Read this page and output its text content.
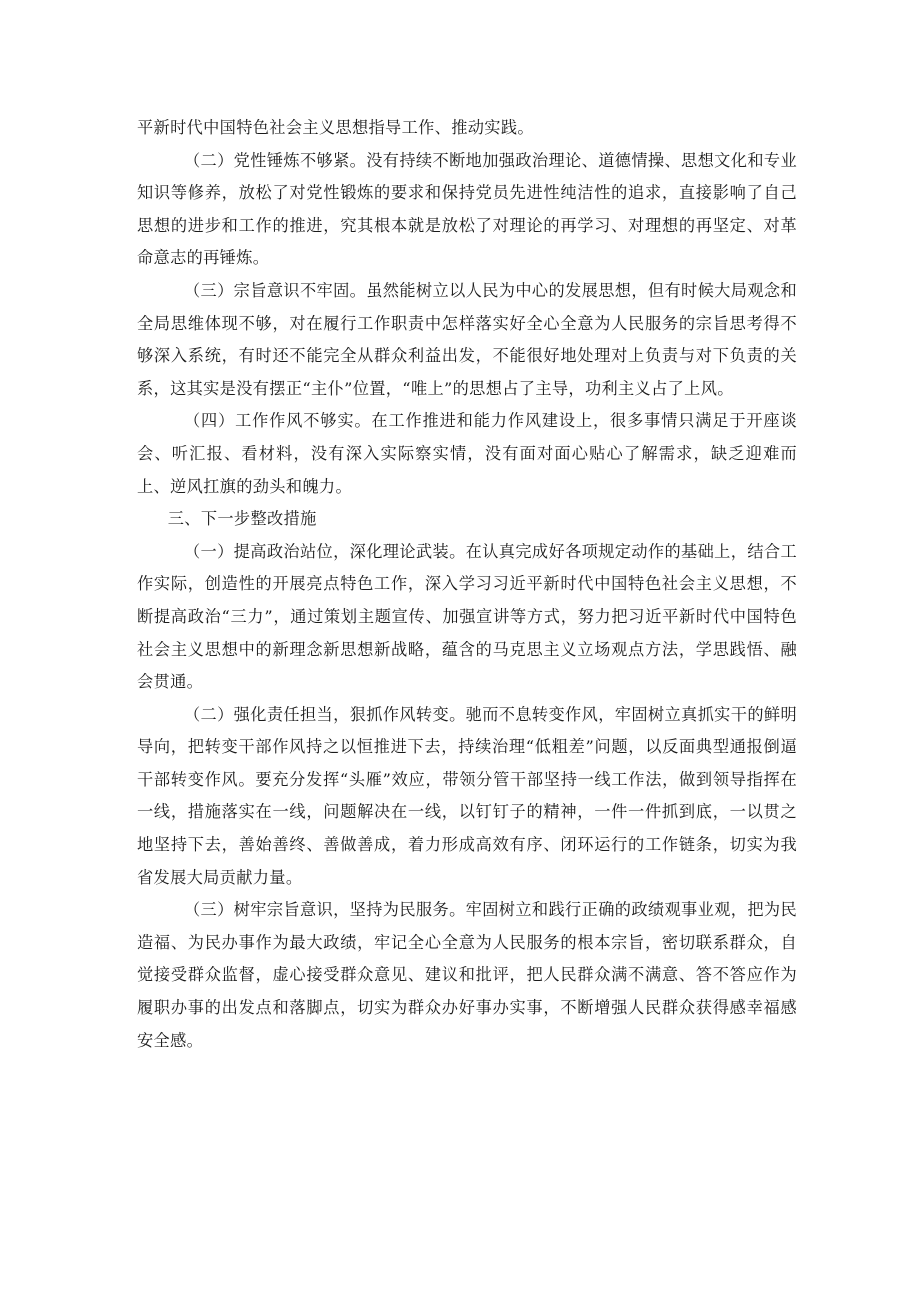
平新时代中国特色社会主义思想指导工作、推动实践。

（二）党性锤炼不够紧。没有持续不断地加强政治理论、道德情操、思想文化和专业知识等修养，放松了对党性锻炼的要求和保持党员先进性纯洁性的追求，直接影响了自己思想的进步和工作的推进，究其根本就是放松了对理论的再学习、对理想的再坚定、对革命意志的再锤炼。

（三）宗旨意识不牢固。虽然能树立以人民为中心的发展思想，但有时候大局观念和全局思维体现不够，对在履行工作职责中怎样落实好全心全意为人民服务的宗旨思考得不够深入系统，有时还不能完全从群众利益出发，不能很好地处理对上负责与对下负责的关系，这其实是没有摆正“主仆”位置，“唯上”的思想占了主导，功利主义占了上风。

（四）工作作风不够实。在工作推进和能力作风建设上，很多事情只满足于开座谈会、听汇报、看材料，没有深入实际察实情，没有面对面心贴心了解需求，缺乏迎难而上、逆风扛旗的劲头和魄力。

三、下一步整改措施

（一）提高政治站位，深化理论武装。在认真完成好各项规定动作的基础上，结合工作实际，创造性的开展亮点特色工作，深入学习习近平新时代中国特色社会主义思想，不断提高政治“三力”，通过策划主题宣传、加强宣讲等方式，努力把习近平新时代中国特色社会主义思想中的新理念新思想新战略，蕴含的马克思主义立场观点方法，学思践悟、融会贯通。

（二）强化责任担当，狠抓作风转变。驰而不息转变作风，牢固树立真抓实干的鲜明导向，把转变干部作风持之以恒推进下去，持续治理“低粗差”问题，以反面典型通报倒逼干部转变作风。要充分发挥“头雁”效应，带领分管干部坚持一线工作法，做到领导指挥在一线，措施落实在一线，问题解决在一线，以钉钉子的精神，一件一件抓到底，一以贯之地坚持下去，善始善终、善做善成，着力形成高效有序、闭环运行的工作链条，切实为我省发展大局贡献力量。

（三）树牢宗旨意识，坚持为民服务。牢固树立和践行正确的政绩观事业观，把为民造福、为民办事作为最大政绩，牢记全心全意为人民服务的根本宗旨，密切联系群众，自觉接受群众监督，虚心接受群众意见、建议和批评，把人民群众满不满意、答不答应作为履职办事的出发点和落脚点，切实为群众办好事办实事，不断增强人民群众获得感幸福感安全感。
